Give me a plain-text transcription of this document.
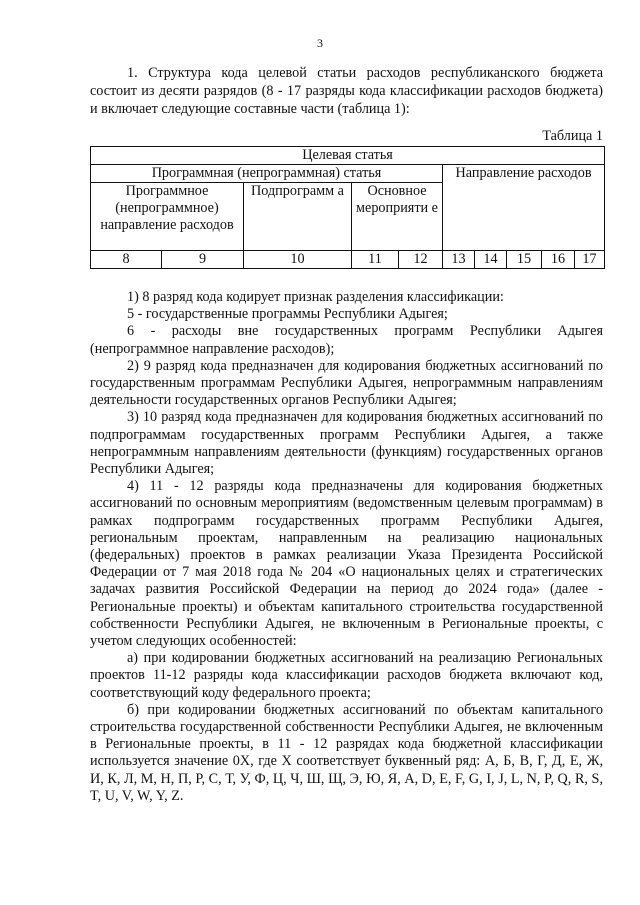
3

1. Структура кода целевой статьи расходов республиканского бюджета состоит из десяти разрядов (8 - 17 разряды кода классификации расходов бюджета) и включает следующие составные части (таблица 1):

Таблица 1
Целевая статья									
Программная (непрограммная) статья					Направление расходов				
Программное (непрограммное) направление расходов		Подпрограмм а	Основное мероприяти е						
8	9	10	11	12	13	14	15	16	17

1) 8 разряд кода кодирует признак разделения классификации:

5 - государственные программы Республики Адыгея;

6 - расходы вне государственных программ Республики Адыгея (непрограммное направление расходов);

2) 9 разряд кода предназначен для кодирования бюджетных ассигнований по государственным программам Республики Адыгея, непрограммным направлениям деятельности государственных органов Республики Адыгея;

3) 10 разряд кода предназначен для кодирования бюджетных ассигнований по подпрограммам государственных программ Республики Адыгея, а также непрограммным направлениям деятельности (функциям) государственных органов Республики Адыгея;

4) 11 - 12 разряды кода предназначены для кодирования бюджетных ассигнований по основным мероприятиям (ведомственным целевым программам) в рамках подпрограмм государственных программ Республики Адыгея, региональным проектам, направленным на реализацию национальных (федеральных) проектов в рамках реализации Указа Президента Российской Федерации от 7 мая 2018 года № 204 «О национальных целях и стратегических задачах развития Российской Федерации на период до 2024 года» (далее - Региональные проекты) и объектам капитального строительства государственной собственности Республики Адыгея, не включенным в Региональные проекты, с учетом следующих особенностей:

а) при кодировании бюджетных ассигнований на реализацию Региональных проектов 11-12 разряды кода классификации расходов бюджета включают код, соответствующий коду федерального проекта;

б) при кодировании бюджетных ассигнований по объектам капитального строительства государственной собственности Республики Адыгея, не включенным в Региональные проекты, в 11 - 12 разрядах кода бюджетной классификации используется значение 0Х, где Х соответствует буквенный ряд: А, Б, В, Г, Д, Е, Ж, И, К, Л, М, Н, П, Р, С, Т, У, Ф, Ц, Ч, Ш, Щ, Э, Ю, Я, A, D, E, F, G, I, J, L, N, P, Q, R, S, T, U, V, W, Y, Z.
